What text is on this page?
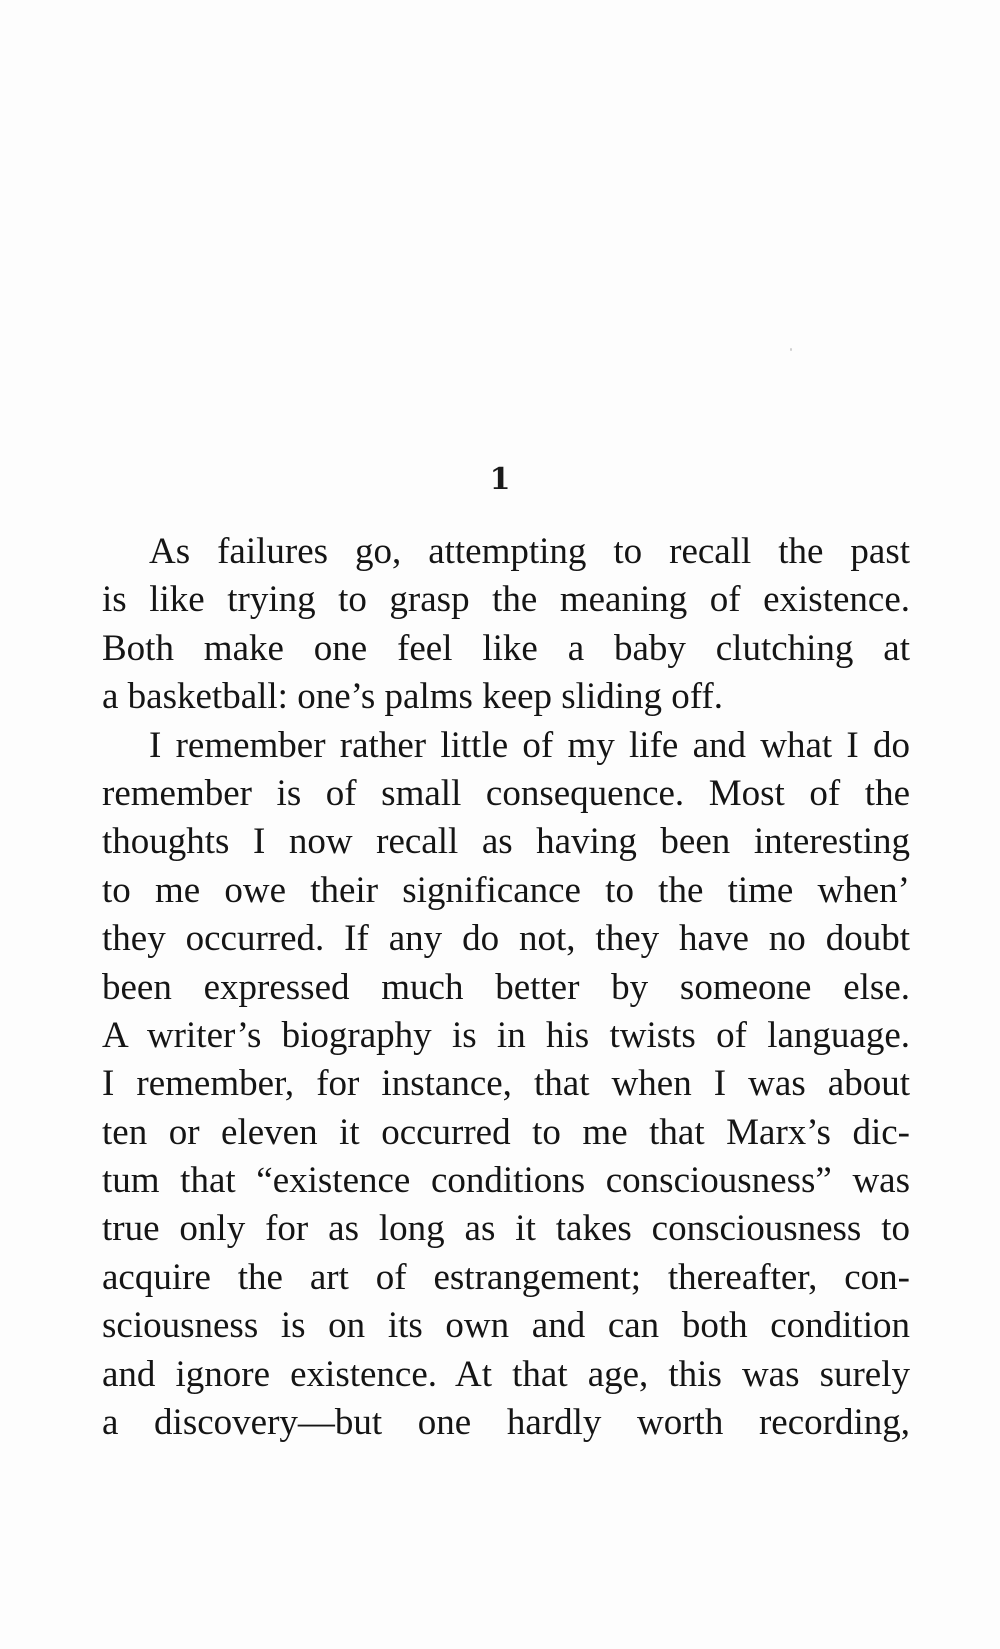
1
As failures go, attempting to recall the past
is like trying to grasp the meaning of existence.
Both make one feel like a baby clutching at
a basketball: one’s palms keep sliding off.
I remember rather little of my life and what I do
remember is of small consequence. Most of the
thoughts I now recall as having been interesting
to me owe their significance to the time when’
they occurred. If any do not, they have no doubt
been expressed much better by someone else.
A writer’s biography is in his twists of language.
I remember, for instance, that when I was about
ten or eleven it occurred to me that Marx’s dic-
tum that “existence conditions consciousness” was
true only for as long as it takes consciousness to
acquire the art of estrangement; thereafter, con-
sciousness is on its own and can both condition
and ignore existence. At that age, this was surely
a discovery—but one hardly worth recording,
